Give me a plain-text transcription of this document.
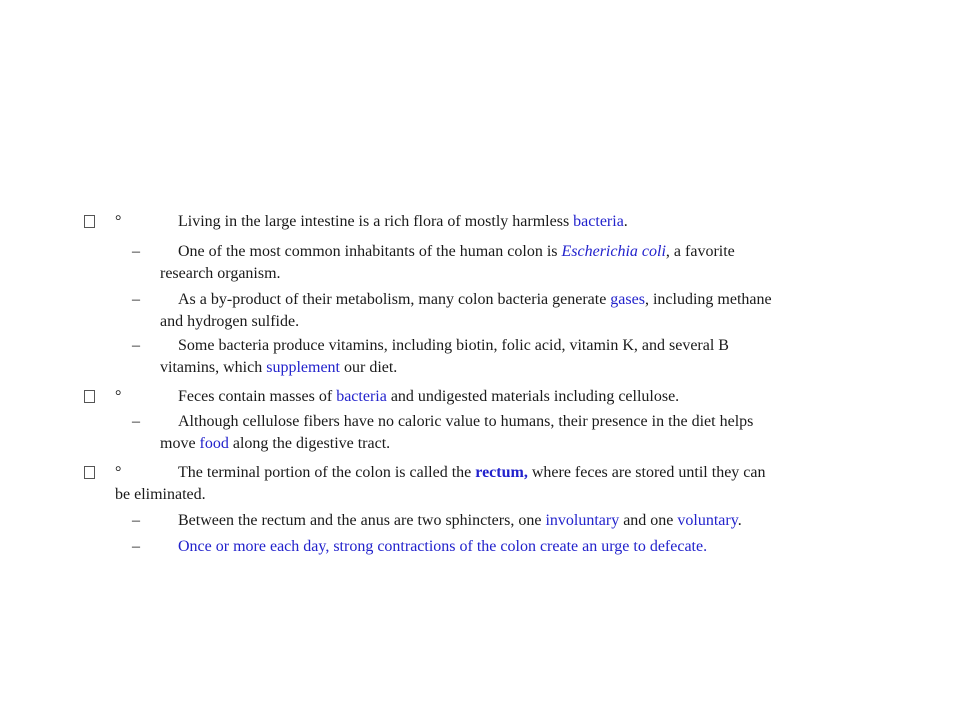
°	Living in the large intestine is a rich flora of mostly harmless bacteria.
– One of the most common inhabitants of the human colon is Escherichia coli, a favorite
research organism.
– As a by-product of their metabolism, many colon bacteria generate gases, including methane
and hydrogen sulfide.
– Some bacteria produce vitamins, including biotin, folic acid, vitamin K, and several B
vitamins, which supplement our diet.
°	Feces contain masses of bacteria and undigested materials including cellulose.
– Although cellulose fibers have no caloric value to humans, their presence in the diet helps
move food along the digestive tract.
°	The terminal portion of the colon is called the rectum, where feces are stored until they can
be eliminated.
– Between the rectum and the anus are two sphincters, one involuntary and one voluntary.
– Once or more each day, strong contractions of the colon create an urge to defecate.
